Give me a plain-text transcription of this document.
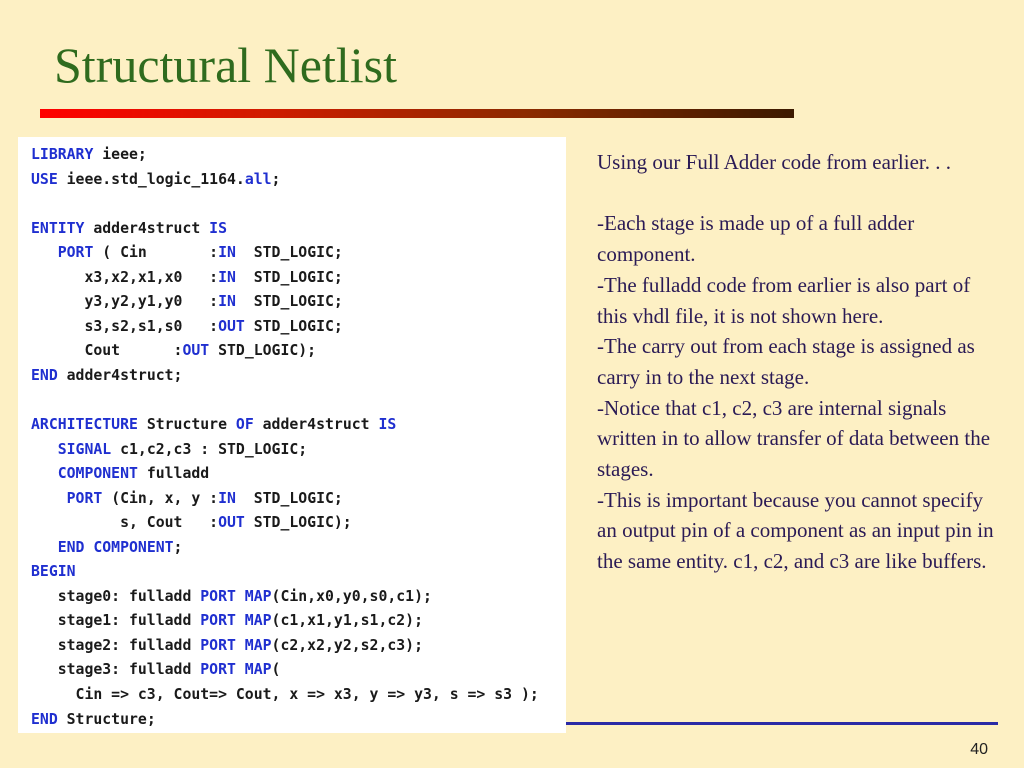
Structural Netlist
LIBRARY ieee;
USE ieee.std_logic_1164.all;

ENTITY adder4struct IS
PORT ( Cin       :IN  STD_LOGIC;
x3,x2,x1,x0   :IN  STD_LOGIC;
y3,y2,y1,y0   :IN  STD_LOGIC;
s3,s2,s1,s0   :OUT STD_LOGIC;
Cout      :OUT STD_LOGIC);
END adder4struct;

ARCHITECTURE Structure OF adder4struct IS
SIGNAL c1,c2,c3 : STD_LOGIC;
COMPONENT fulladd
PORT (Cin, x, y :IN  STD_LOGIC;
s, Cout   :OUT STD_LOGIC);
END COMPONENT;
BEGIN
stage0: fulladd PORT MAP(Cin,x0,y0,s0,c1);
stage1: fulladd PORT MAP(c1,x1,y1,s1,c2);
stage2: fulladd PORT MAP(c2,x2,y2,s2,c3);
stage3: fulladd PORT MAP(
Cin => c3, Cout=> Cout, x => x3, y => y3, s => s3 );
END Structure;

Using our Full Adder code from earlier. . .

-Each stage is made up of a full adder component.

-The fulladd code from earlier is also part of this vhdl file, it is not shown here.

-The carry out from each stage is assigned as carry in to the next stage.

-Notice that c1, c2, c3 are internal signals written in to allow transfer of data between the stages.

-This is important because you cannot specify an output pin of a component as an input pin in the same entity. c1, c2, and c3 are like buffers.

40
